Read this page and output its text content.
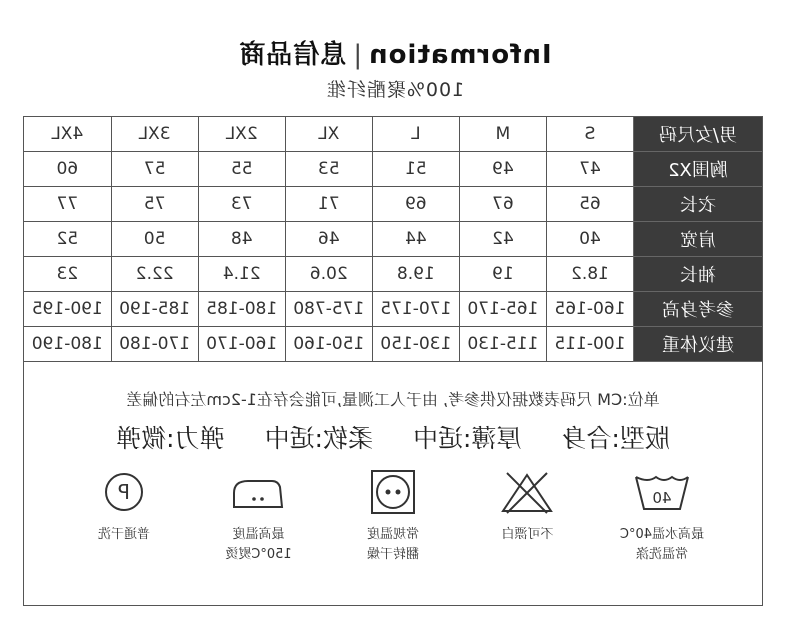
Information|息信品商
100%聚酯纤维
男/女尺码	S	M	L	XL	2XL	3XL	4XL
胸围X2	47	49	51	53	55	57	60
衣长	65	67	69	71	73	75	77
肩宽	40	42	44	46	48	50	52
袖长	18.2	19	19.8	20.6	21.4	22.2	23
参考身高	160-165	165-170	170-175	175-780	180-185	185-190	190-195
建议体重	100-115	115-130	130-150	150-160	160-170	170-180	180-190
单位:CM 尺码表数据仅供参考, 由于人工测量,可能会存在1-2cm左右的偏差
版型:合身
厚薄:适中
柔软:适中
弹力:微弹
40
最高水温40°C
常温洗涤
不可漂白
常规温度
翻转干燥
最高温度
150°C熨烫
P
普通干洗
